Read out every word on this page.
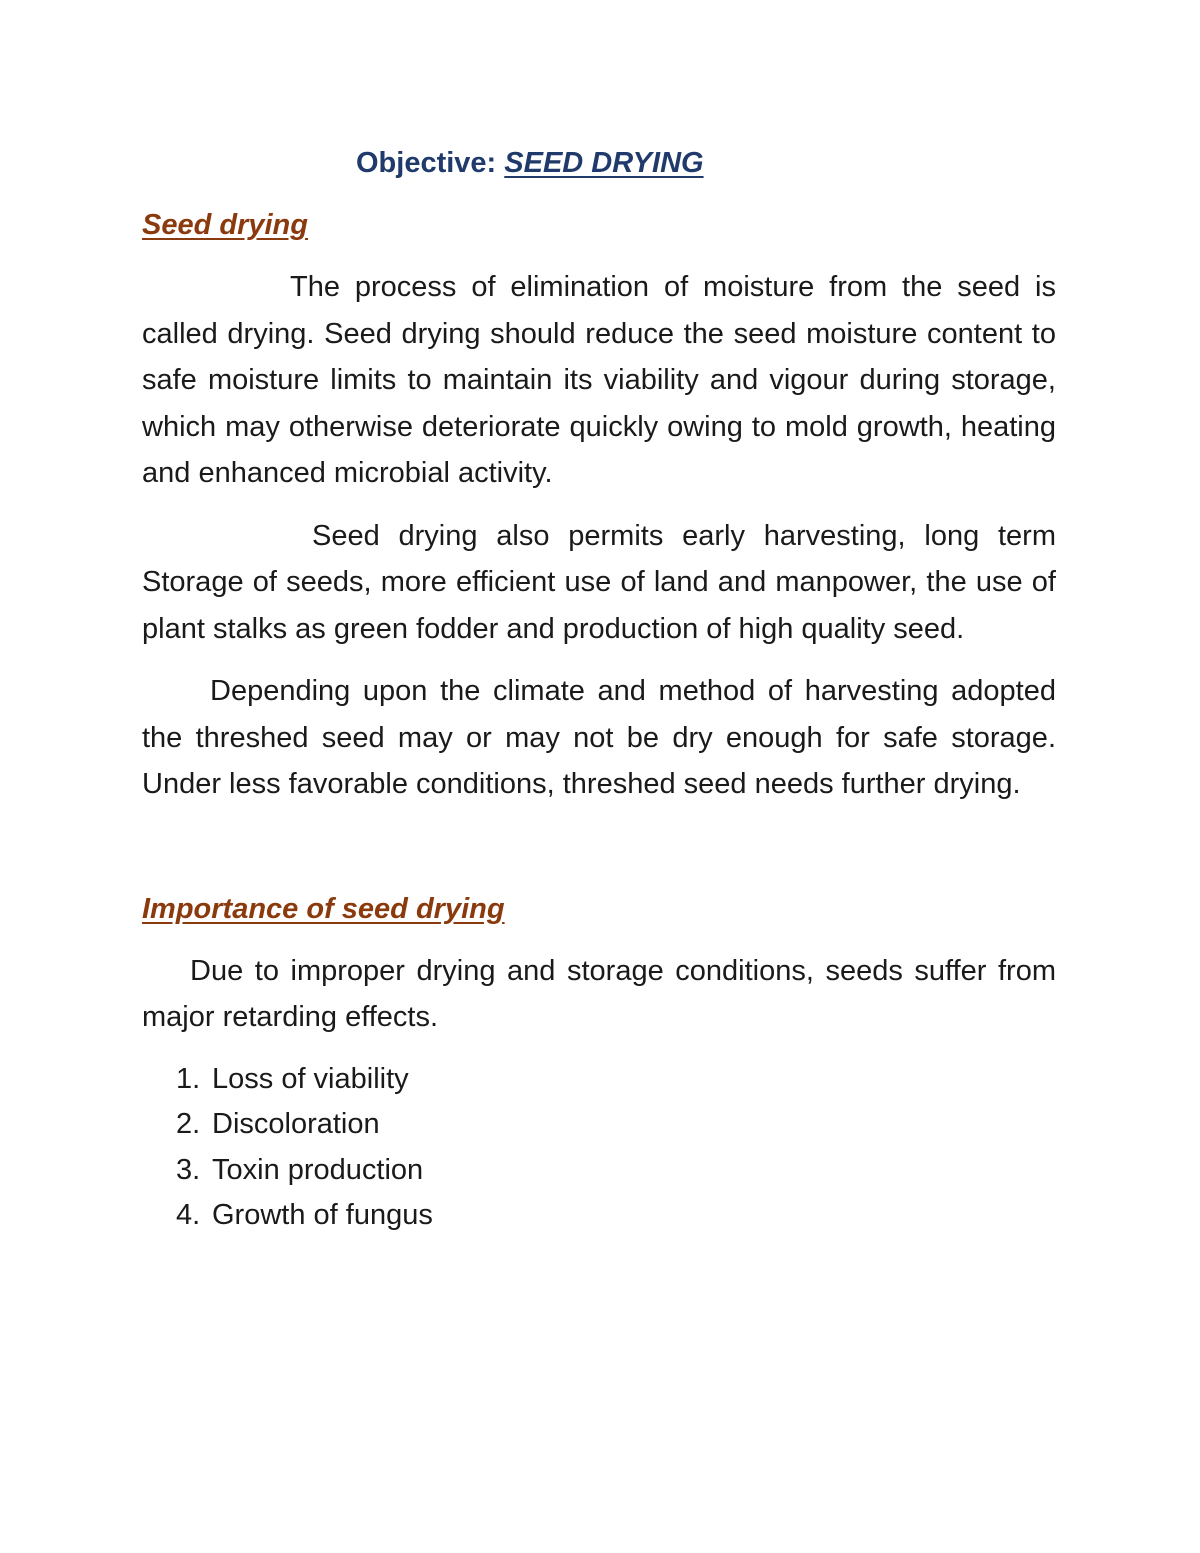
Objective: SEED DRYING

Seed drying

The process of elimination of moisture from the seed is called drying. Seed drying should reduce the seed moisture content to safe moisture limits to maintain its viability and vigour during storage, which may otherwise deteriorate quickly owing to mold growth, heating and enhanced microbial activity.

Seed drying also permits early harvesting, long term Storage of seeds, more efficient use of land and manpower, the use of plant stalks as green fodder and production of high quality seed.

Depending upon the climate and method of harvesting adopted the threshed seed may or may not be dry enough for safe storage. Under less favorable conditions, threshed seed needs further drying.

Importance of seed drying

Due to improper drying and storage conditions, seeds suffer from major retarding effects.

1. Loss of viability
2. Discoloration
3. Toxin production
4. Growth of fungus
